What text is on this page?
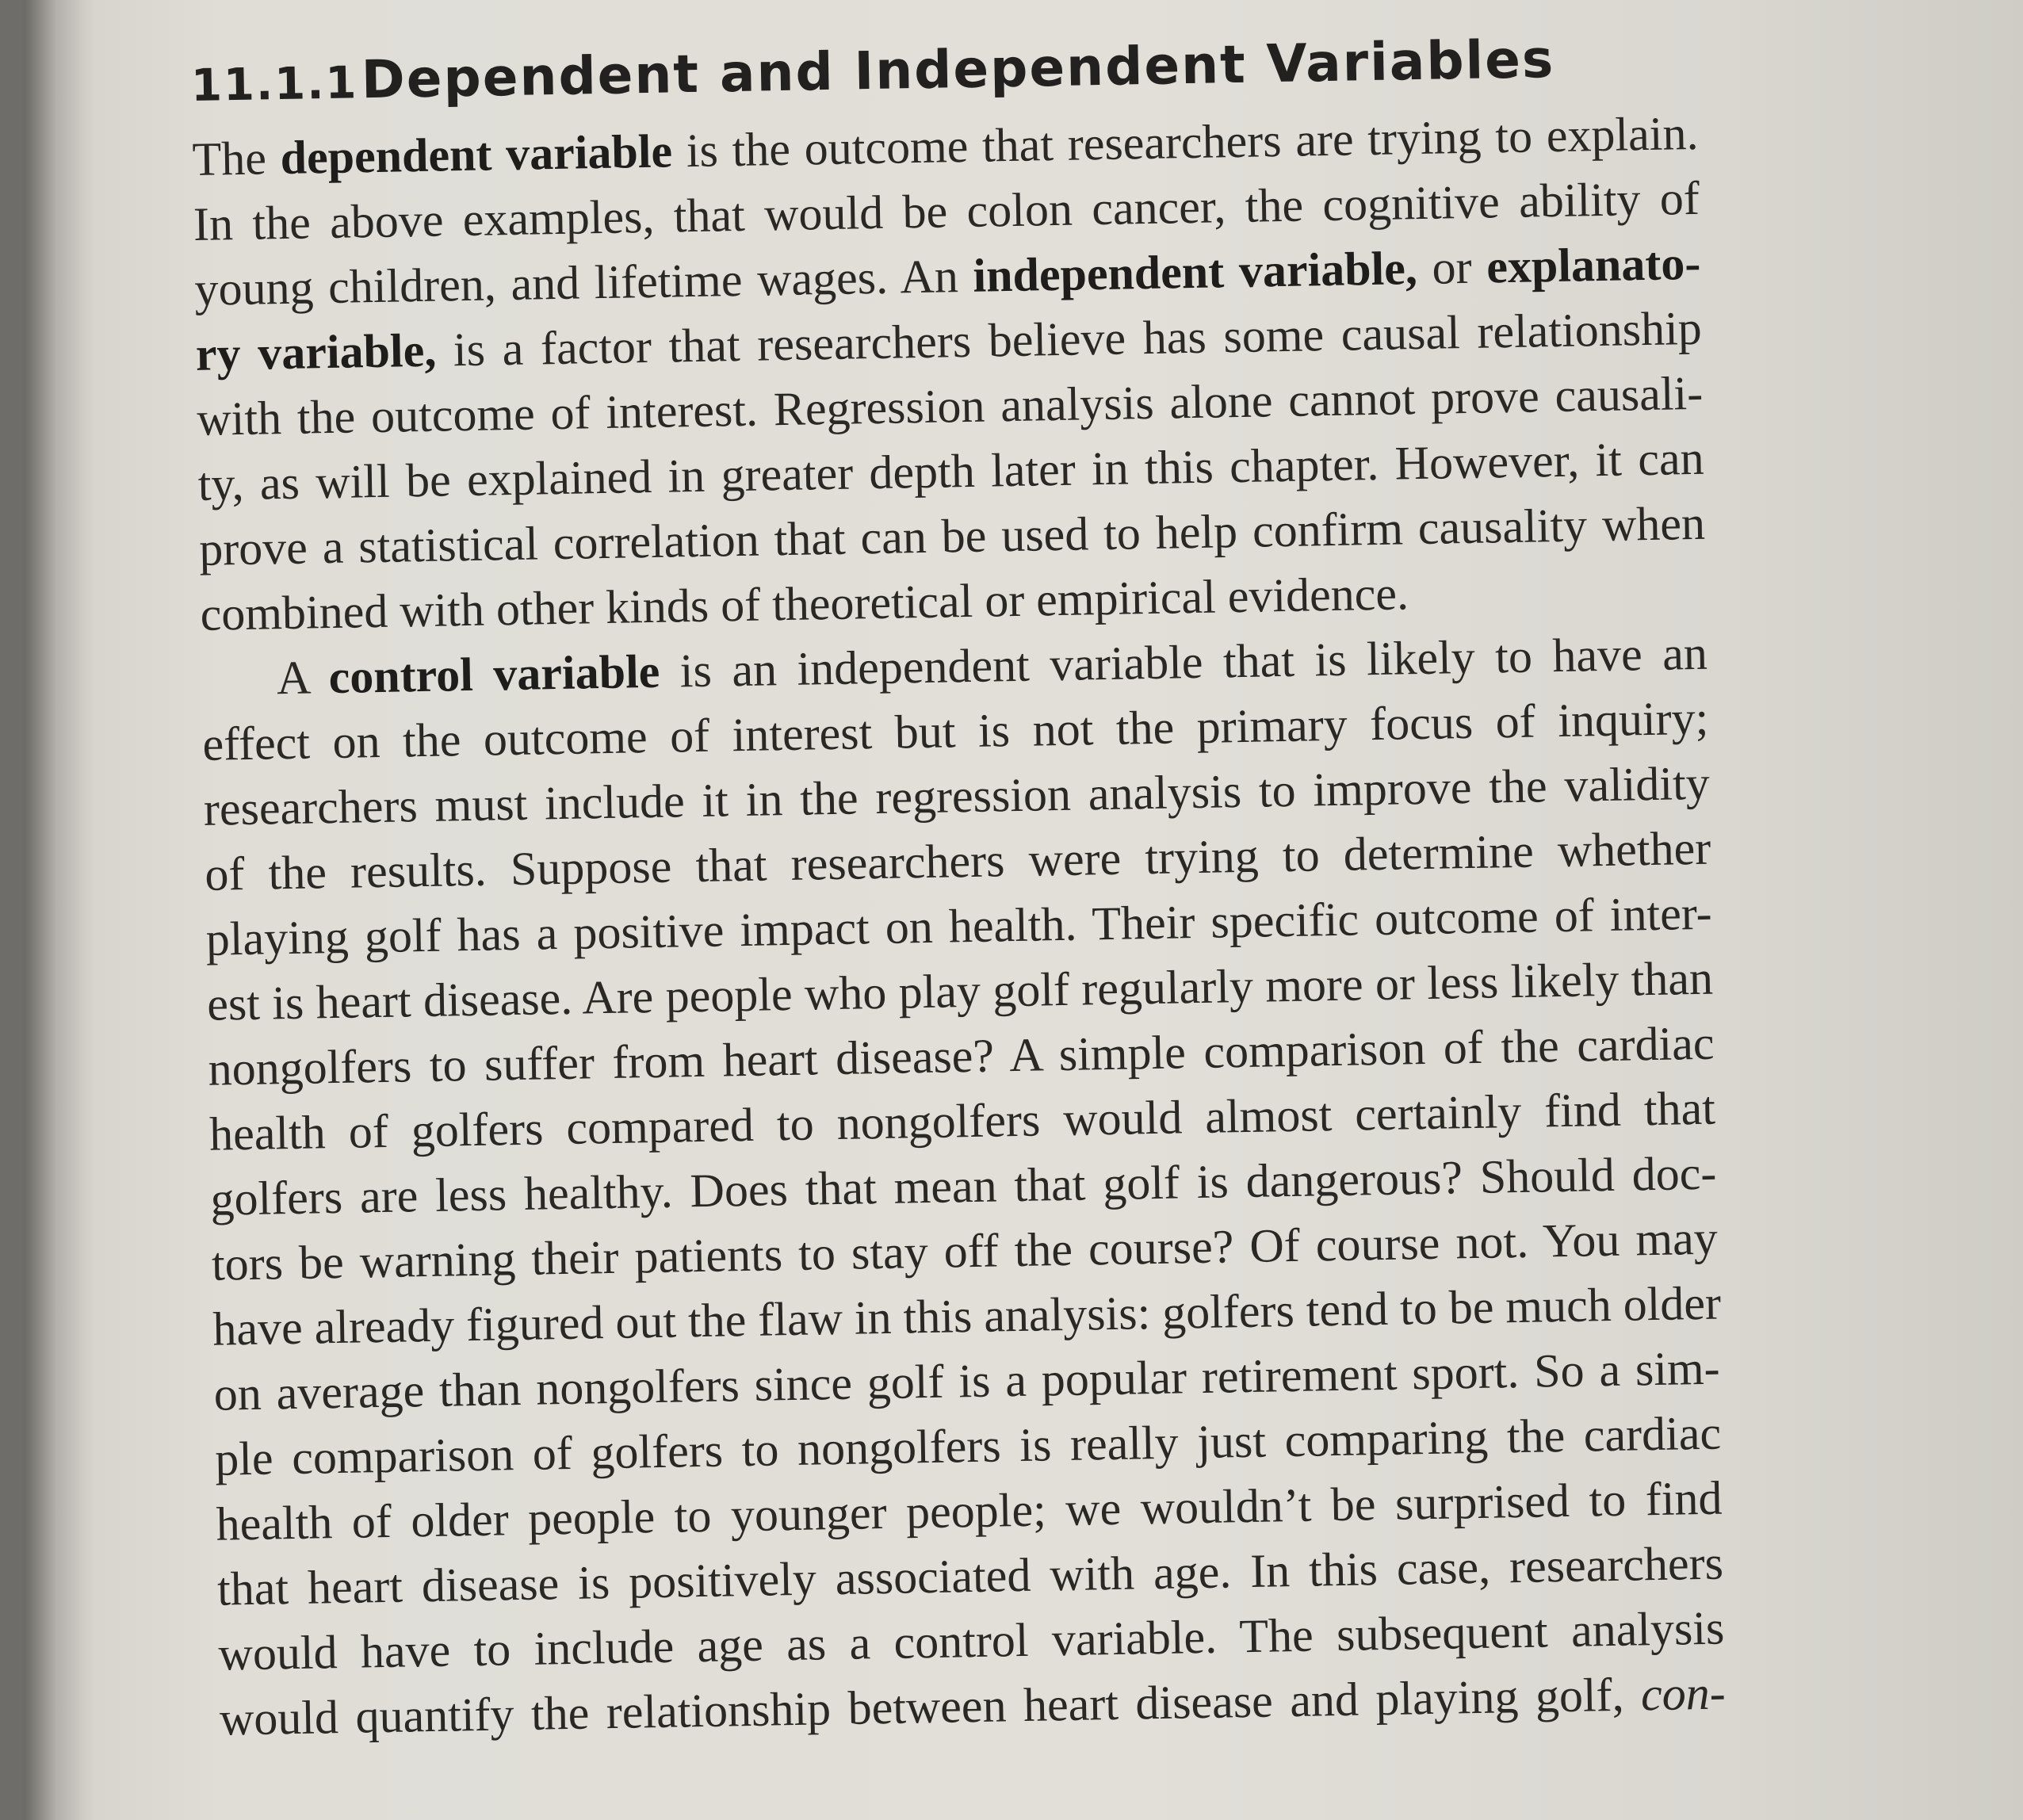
11.1.1Dependent and Independent Variables
The dependent variable is the outcome that researchers are trying to explain.
In the above examples, that would be colon cancer, the cognitive ability of
young children, and lifetime wages. An independent variable, or explanato-
ry variable, is a factor that researchers believe has some causal relationship
with the outcome of interest. Regression analysis alone cannot prove causali-
ty, as will be explained in greater depth later in this chapter. However, it can
prove a statistical correlation that can be used to help confirm causality when
combined with other kinds of theoretical or empirical evidence.
A control variable is an independent variable that is likely to have an
effect on the outcome of interest but is not the primary focus of inquiry;
researchers must include it in the regression analysis to improve the validity
of the results. Suppose that researchers were trying to determine whether
playing golf has a positive impact on health. Their specific outcome of inter-
est is heart disease. Are people who play golf regularly more or less likely than
nongolfers to suffer from heart disease? A simple comparison of the cardiac
health of golfers compared to nongolfers would almost certainly find that
golfers are less healthy. Does that mean that golf is dangerous? Should doc-
tors be warning their patients to stay off the course? Of course not. You may
have already figured out the flaw in this analysis: golfers tend to be much older
on average than nongolfers since golf is a popular retirement sport. So a sim-
ple comparison of golfers to nongolfers is really just comparing the cardiac
health of older people to younger people; we wouldn’t be surprised to find
that heart disease is positively associated with age. In this case, researchers
would have to include age as a control variable. The subsequent analysis
would quantify the relationship between heart disease and playing golf, con-
